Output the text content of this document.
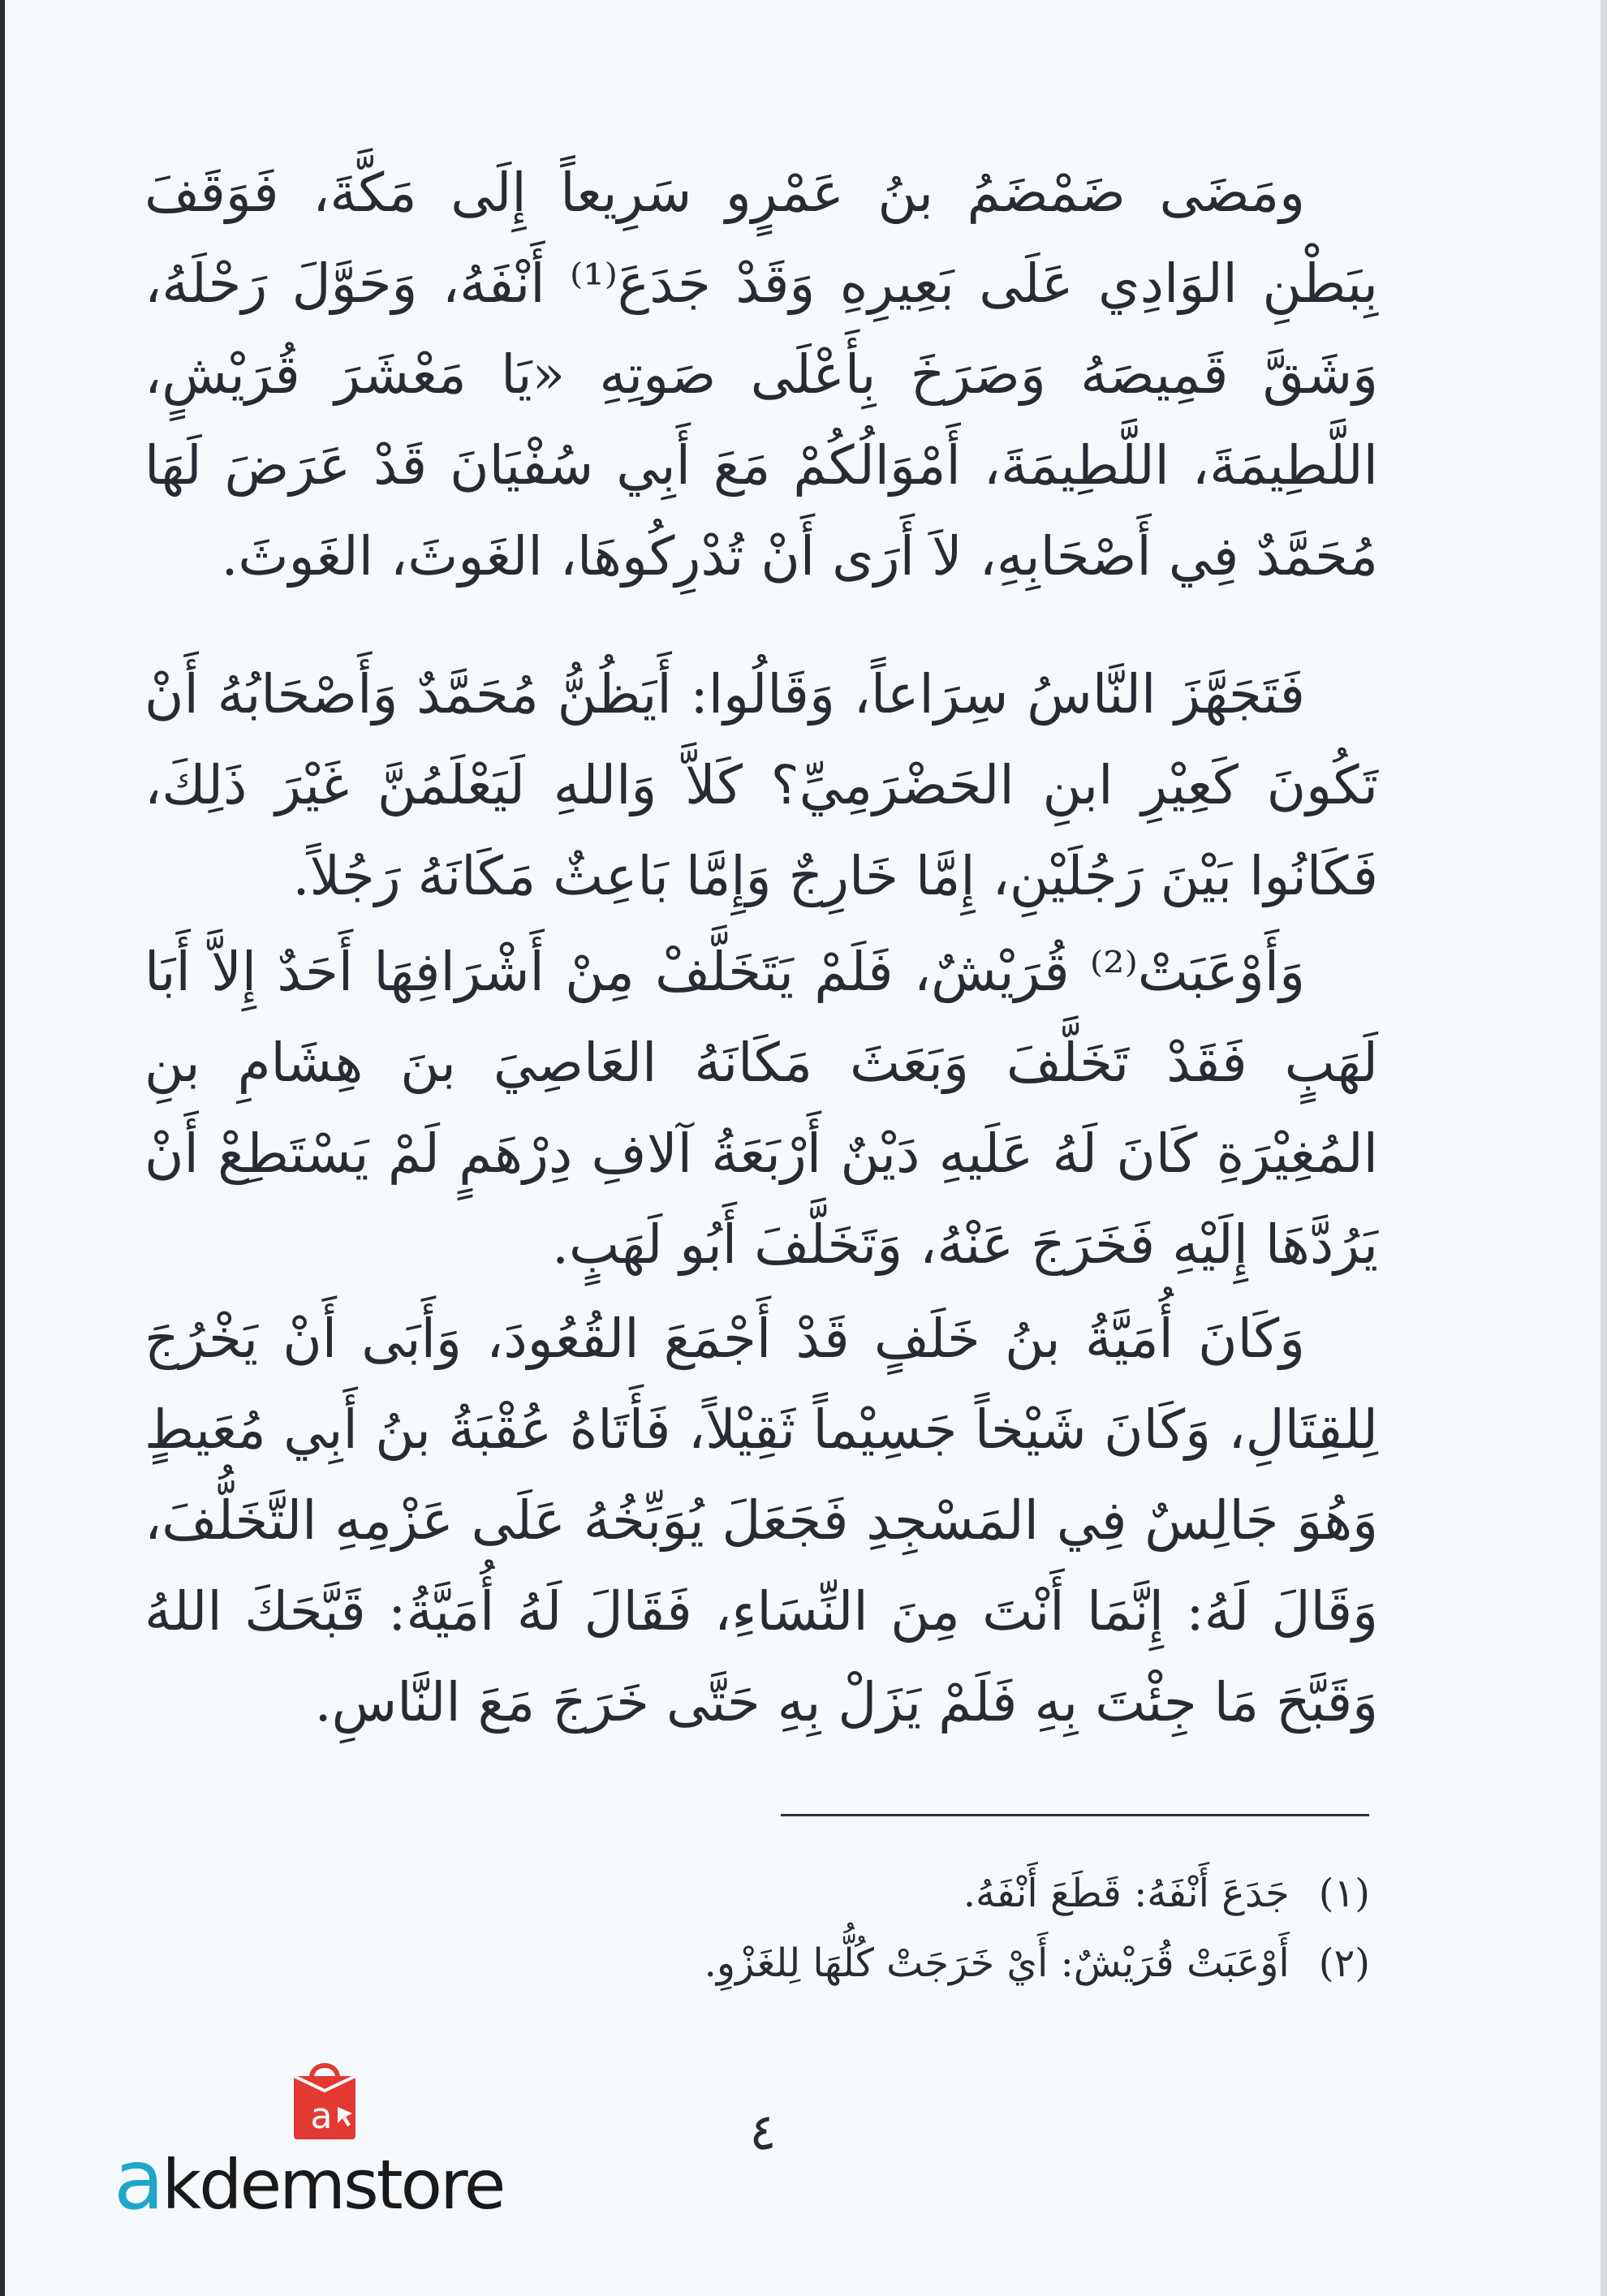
ومَضَى ضَمْضَمُ بنُ عَمْرٍو سَرِيعاً إِلَى مَكَّةَ، فَوَقَفَ بِبَطْنِ الوَادِي عَلَى بَعِيرِهِ وَقَدْ جَدَعَ⁽¹⁾ أَنْفَهُ، وَحَوَّلَ رَحْلَهُ، وَشَقَّ قَمِيصَهُ وَصَرَخَ بِأَعْلَى صَوتِهِ «يَا مَعْشَرَ قُرَيْشٍ، اللَّطِيمَةَ، اللَّطِيمَةَ، أَمْوَالُكُمْ مَعَ أَبِي سُفْيَانَ قَدْ عَرَضَ لَهَا مُحَمَّدٌ فِي أَصْحَابِهِ، لاَ أَرَى أَنْ تُدْرِكُوهَا، الغَوثَ، الغَوثَ.

فَتَجَهَّزَ النَّاسُ سِرَاعاً، وَقَالُوا: أَيَظُنُّ مُحَمَّدٌ وَأَصْحَابُهُ أَنْ تَكُونَ كَعِيْرِ ابنِ الحَضْرَمِيِّ؟ كَلاَّ وَاللهِ لَيَعْلَمُنَّ غَيْرَ ذَلِكَ، فَكَانُوا بَيْنَ رَجُلَيْنِ، إِمَّا خَارِجٌ وَإِمَّا بَاعِثٌ مَكَانَهُ رَجُلاً.

وَأَوْعَبَتْ⁽²⁾ قُرَيْشٌ، فَلَمْ يَتَخَلَّفْ مِنْ أَشْرَافِهَا أَحَدٌ إِلاَّ أَبَا لَهَبٍ فَقَدْ تَخَلَّفَ وَبَعَثَ مَكَانَهُ العَاصِيَ بنَ هِشَامِ بنِ المُغِيْرَةِ كَانَ لَهُ عَلَيهِ دَيْنٌ أَرْبَعَةُ آلافِ دِرْهَمٍ لَمْ يَسْتَطِعْ أَنْ يَرُدَّهَا إِلَيْهِ فَخَرَجَ عَنْهُ، وَتَخَلَّفَ أَبُو لَهَبٍ.

وَكَانَ أُمَيَّةُ بنُ خَلَفٍ قَدْ أَجْمَعَ القُعُودَ، وَأَبَى أَنْ يَخْرُجَ لِلقِتَالِ، وَكَانَ شَيْخاً جَسِيْماً ثَقِيْلاً، فَأَتَاهُ عُقْبَةُ بنُ أَبِي مُعَيطٍ وَهُوَ جَالِسٌ فِي المَسْجِدِ فَجَعَلَ يُوَبِّخُهُ عَلَى عَزْمِهِ التَّخَلُّفَ، وَقَالَ لَهُ: إِنَّمَا أَنْتَ مِنَ النِّسَاءِ، فَقَالَ لَهُ أُمَيَّةُ: قَبَّحَكَ اللهُ وَقَبَّحَ مَا جِئْتَ بِهِ فَلَمْ يَزَلْ بِهِ حَتَّى خَرَجَ مَعَ النَّاسِ.

(١)جَدَعَ أَنْفَهُ: قَطَعَ أَنْفَهُ.
(٢)أَوْعَبَتْ قُرَيْشٌ: أَيْ خَرَجَتْ كُلُّهَا لِلغَزْوِ.
٤
a
akdemstore
